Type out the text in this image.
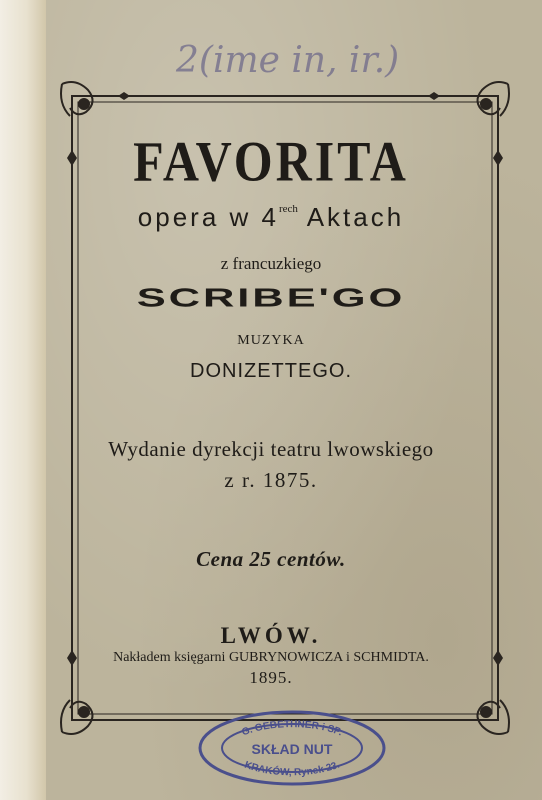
2(ime in, ir.)
FAVORITA
opera w $4^{rech}$ Aktach
z francuzkiego
SCRIBE'GO
MUZYKA
DONIZETTEGO.
Wydanie dyrekcji teatru lwowskiego
z r. 1875.
Cena 25 centów.
LWÓW.
Nakładem księgarni GUBRYNOWICZA i SCHMIDTA.
1895.
G. GEBETHNER i SP.
SKŁAD NUT
KRAKÓW, Rynek 23.
